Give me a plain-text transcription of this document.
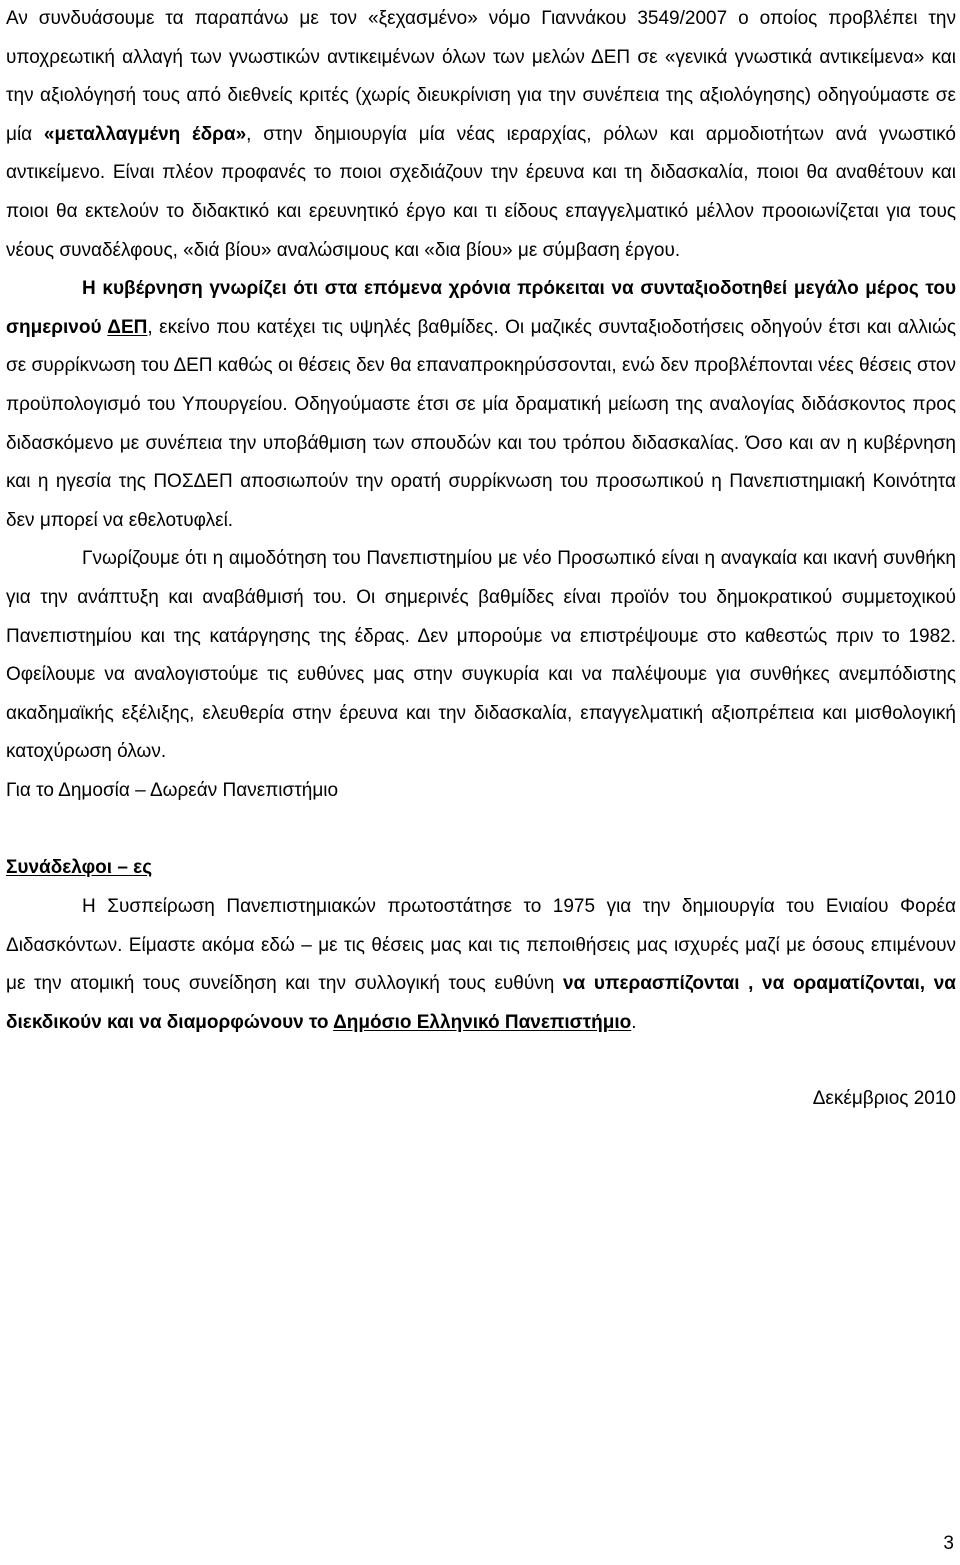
Αν συνδυάσουμε τα παραπάνω με τον «ξεχασμένο» νόμο Γιαννάκου 3549/2007 ο οποίος προβλέπει την υποχρεωτική αλλαγή των γνωστικών αντικειμένων όλων των μελών ΔΕΠ σε «γενικά γνωστικά αντικείμενα» και την αξιολόγησή τους από διεθνείς κριτές (χωρίς διευκρίνιση για την συνέπεια της αξιολόγησης) οδηγούμαστε σε μία «μεταλλαγμένη έδρα», στην δημιουργία μία νέας ιεραρχίας, ρόλων και αρμοδιοτήτων ανά γνωστικό αντικείμενο. Είναι πλέον προφανές το ποιοι σχεδιάζουν την έρευνα και τη διδασκαλία, ποιοι θα αναθέτουν και ποιοι θα εκτελούν το διδακτικό και ερευνητικό έργο και τι είδους επαγγελματικό μέλλον προοιωνίζεται για τους νέους συναδέλφους, «διά βίου» αναλώσιμους και «δια βίου» με σύμβαση έργου.

Η κυβέρνηση γνωρίζει ότι στα επόμενα χρόνια πρόκειται να συνταξιοδοτηθεί μεγάλο μέρος του σημερινού ΔΕΠ, εκείνο που κατέχει τις υψηλές βαθμίδες. Οι μαζικές συνταξιοδοτήσεις οδηγούν έτσι και αλλιώς σε συρρίκνωση του ΔΕΠ καθώς οι θέσεις δεν θα επαναπροκηρύσσονται, ενώ δεν προβλέπονται νέες θέσεις στον προϋπολογισμό του Υπουργείου. Οδηγούμαστε έτσι σε μία δραματική μείωση της αναλογίας διδάσκοντος προς διδασκόμενο με συνέπεια την υποβάθμιση των σπουδών και του τρόπου διδασκαλίας. Όσο και αν η κυβέρνηση και η ηγεσία της ΠΟΣΔΕΠ αποσιωπούν την ορατή συρρίκνωση του προσωπικού η Πανεπιστημιακή Κοινότητα δεν μπορεί να εθελοτυφλεί.

Γνωρίζουμε ότι η αιμοδότηση του Πανεπιστημίου με νέο Προσωπικό είναι η αναγκαία και ικανή συνθήκη για την ανάπτυξη και αναβάθμισή του. Οι σημερινές βαθμίδες είναι προϊόν του δημοκρατικού συμμετοχικού Πανεπιστημίου και της κατάργησης της έδρας. Δεν μπορούμε να επιστρέψουμε στο καθεστώς πριν το 1982. Οφείλουμε να αναλογιστούμε τις ευθύνες μας στην συγκυρία και να παλέψουμε για συνθήκες ανεμπόδιστης ακαδημαϊκής εξέλιξης, ελευθερία στην έρευνα και την διδασκαλία, επαγγελματική αξιοπρέπεια και μισθολογική κατοχύρωση όλων.

Για το Δημοσία – Δωρεάν Πανεπιστήμιο

Συνάδελφοι – ες

Η Συσπείρωση Πανεπιστημιακών πρωτοστάτησε το 1975 για την δημιουργία του Ενιαίου Φορέα Διδασκόντων. Είμαστε ακόμα εδώ – με τις θέσεις μας και τις πεποιθήσεις μας ισχυρές μαζί με όσους επιμένουν με την ατομική τους συνείδηση και την συλλογική τους ευθύνη να υπερασπίζονται , να οραματίζονται, να διεκδικούν και να διαμορφώνουν το Δημόσιο Ελληνικό Πανεπιστήμιο.

Δεκέμβριος 2010

3
